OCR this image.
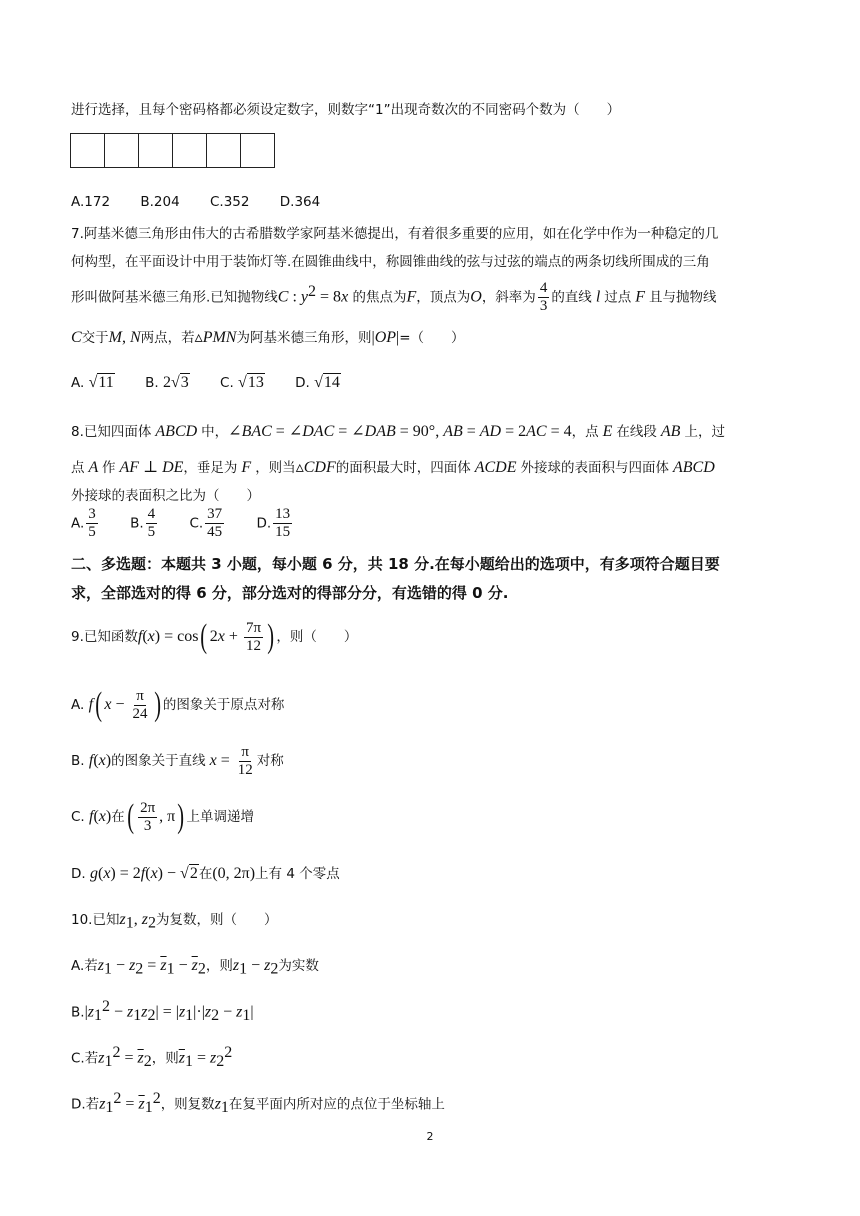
进行选择，且每个密码格都必须设定数字，则数字“1”出现奇数次的不同密码个数为（　　）
A.172 B.204 C.352 D.364
7.阿基米德三角形由伟大的古希腊数学家阿基米德提出，有着很多重要的应用，如在化学中作为一种稳定的几
何构型，在平面设计中用于装饰灯等.在圆锥曲线中，称圆锥曲线的弦与过弦的端点的两条切线所围成的三角
形叫做阿基米德三角形.已知抛物线C : $y^2 = 8x$ 的焦点为F，顶点为O，斜率为 $\frac{4}{3}$ 的直线 l 过点 F 且与抛物线
C交于M, N两点，若▵PMN为阿基米德三角形，则|OP|=（　　）
A. √11 B. 2√3 C. √13 D. √14
8.已知四面体 ABCD 中，∠BAC = ∠DAC = ∠DAB = 90°, AB = AD = 2AC = 4，点 E 在线段 AB 上，过
点 A 作 AF ⊥ DE，垂足为 F ，则当▵CDF的面积最大时，四面体 ACDE 外接球的表面积与四面体 ABCD
外接球的表面积之比为（　　）
A. $\frac{3}{5} B$. $\frac{4}{5} C$. $\frac{37}{45} D$. $\frac{13}{15}$
二、多选题：本题共 3 小题，每小题 6 分，共 18 分.在每小题给出的选项中，有多项符合题目要
求，全部选对的得 6 分，部分选对的得部分分，有选错的得 0 分.
9.已知函数f(x) = cos( $2x + \frac{7\pi}{12}$ ) ，则（　　）
A. f( $x - \frac{\pi}{24}$ ) 的图象关于原点对称
B. f(x)的图象关于直线 $x = \frac{\pi}{12}$ 对称
C. f(x)在( $\frac{2\pi}{3}$ , π) 上单调递增
D. g(x) = 2f(x) − √2在(0, 2π)上有 4 个零点
10.已知$z_1$, $z_2$为复数，则（　　）
A.若$z_1 - z_2 = \overline{z}_1 - \overline{z}_2$，则$z_1 - z_2$为实数
$B.|z_1^2 - z_1z_2| = |z_1|\cdot|z_2 - z_1|$
C.若$z_1^2 = \overline{z}_2$，则$\overline{z}_1 = z_2^2$
D.若$z_1^2 = \overline{z}_1^2$，则复数$z_1$在复平面内所对应的点位于坐标轴上
2
